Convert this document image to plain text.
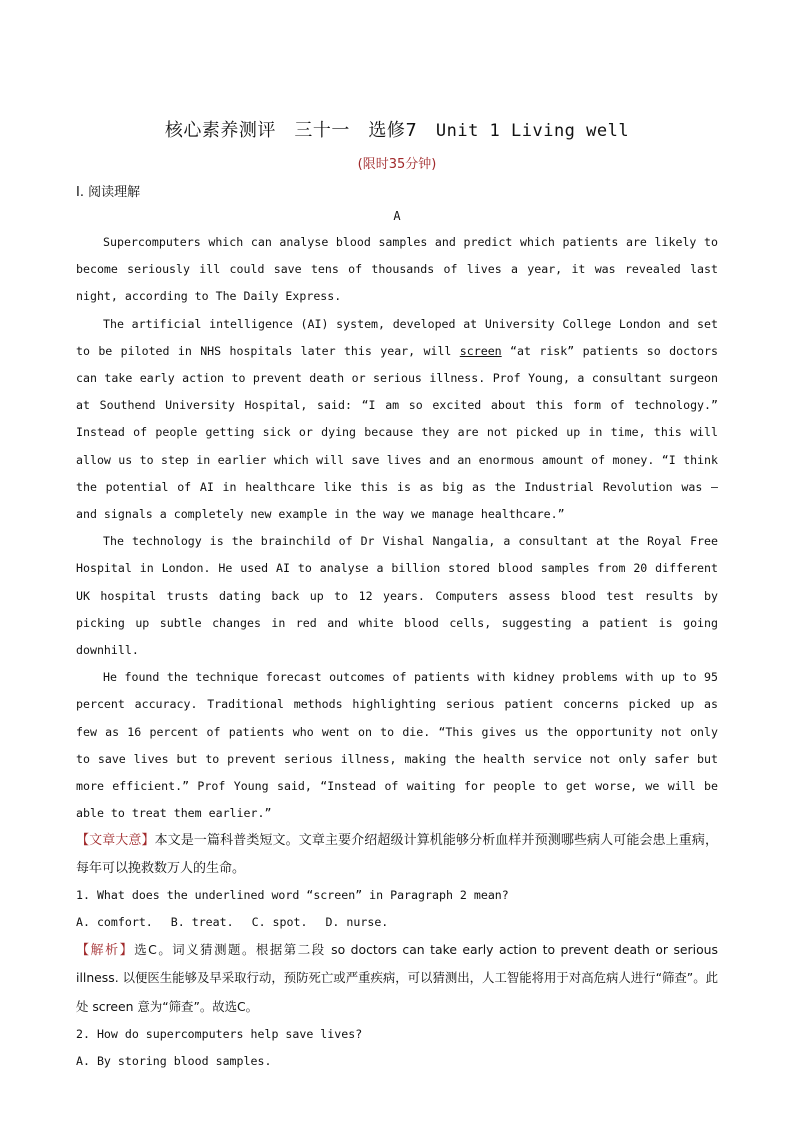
核心素养测评　三十一　选修7　Unit 1 Living well
(限时35分钟)
Ⅰ. 阅读理解
A

Supercomputers which can analyse blood samples and predict which patients are likely to become seriously ill could save tens of thousands of lives a year, it was revealed last night, according to The Daily Express.

The artificial intelligence (AI) system, developed at University College London and set to be piloted in NHS hospitals later this year, will screen “at risk” patients so doctors can take early action to prevent death or serious illness. Prof Young, a consultant surgeon at Southend University Hospital, said: “I am so excited about this form of technology.” Instead of people getting sick or dying because they are not picked up in time, this will allow us to step in earlier which will save lives and an enormous amount of money. “I think the potential of AI in healthcare like this is as big as the Industrial Revolution was — and signals a completely new example in the way we manage healthcare.”

The technology is the brainchild of Dr Vishal Nangalia, a consultant at the Royal Free Hospital in London. He used AI to analyse a billion stored blood samples from 20 different UK hospital trusts dating back up to 12 years. Computers assess blood test results by picking up subtle changes in red and white blood cells, suggesting a patient is going downhill.

He found the technique forecast outcomes of patients with kidney problems with up to 95 percent accuracy. Traditional methods highlighting serious patient concerns picked up as few as 16 percent of patients who went on to die. “This gives us the opportunity not only to save lives but to prevent serious illness, making the health service not only safer but more efficient.” Prof Young said, “Instead of waiting for people to get worse, we will be able to treat them earlier.”

【文章大意】本文是一篇科普类短文。文章主要介绍超级计算机能够分析血样并预测哪些病人可能会患上重病，每年可以挽救数万人的生命。

1. What does the underlined word “screen” in Paragraph 2 mean?

A. comfort. B. treat. C. spot. D. nurse.

【解析】选C。词义猜测题。根据第二段 so doctors can take early action to prevent death or serious illness. 以便医生能够及早采取行动，预防死亡或严重疾病，可以猜测出，人工智能将用于对高危病人进行“筛查”。此处 screen 意为“筛查”。故选C。

2. How do supercomputers help save lives?

A. By storing blood samples.
